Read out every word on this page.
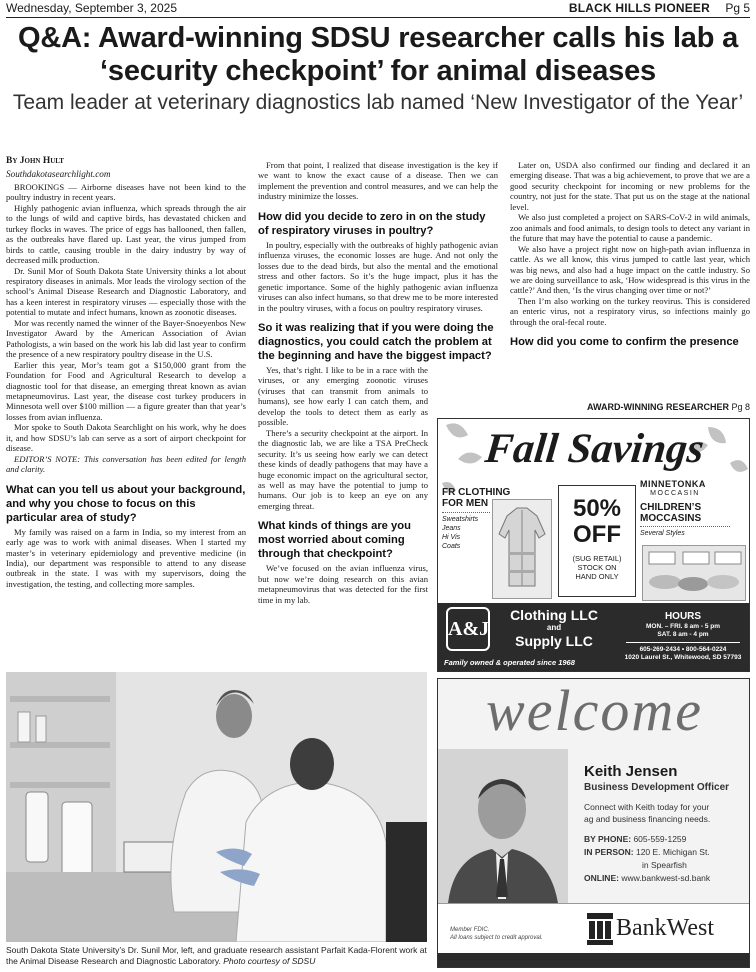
Wednesday, September 3, 2025	BLACK HILLS PIONEER Pg 5
Q&A: Award-winning SDSU researcher calls his lab a ‘security checkpoint’ for animal diseases
Team leader at veterinary diagnostics lab named ‘New Investigator of the Year’
By John Hult
Southdakotasearchlight.com

BROOKINGS — Airborne diseases have not been kind to the poultry industry in recent years.

Highly pathogenic avian influenza, which spreads through the air to the lungs of wild and captive birds, has devastated chicken and turkey flocks in waves. The price of eggs has ballooned, then fallen, as the outbreaks have flared up. Last year, the virus jumped from birds to cattle, causing trouble in the dairy industry by way of decreased milk production.

Dr. Sunil Mor of South Dakota State University thinks a lot about respiratory diseases in animals. Mor leads the virology section of the school’s Animal Disease Research and Diagnostic Laboratory, and has a keen interest in respiratory viruses — especially those with the potential to mutate and infect humans, known as zoonotic diseases.

Mor was recently named the winner of the Bayer-Snoeyenbos New Investigator Award by the American Association of Avian Pathologists, a win based on the work his lab did last year to confirm the presence of a new respiratory poultry disease in the U.S.

Earlier this year, Mor’s team got a $150,000 grant from the Foundation for Food and Agricultural Research to develop a diagnostic tool for that disease, an emerging threat known as avian metapneumovirus. Last year, the disease cost turkey producers in Minnesota well over $100 million — a figure greater than that year’s losses from avian influenza.

Mor spoke to South Dakota Searchlight on his work, why he does it, and how SDSU’s lab can serve as a sort of airport checkpoint for disease.

EDITOR’S NOTE: This conversation has been edited for length and clarity.

What can you tell us about your background, and why you chose to focus on this particular area of study?

My family was raised on a farm in India, so my interest from an early age was to work with animal diseases. When I started my master’s in veterinary epidemiology and preventive medicine (in India), our department was responsible to attend to any disease outbreak in the state. I was with my supervisors, doing the investigation, the testing, and collecting more samples.

From that point, I realized that disease investigation is the key if we want to know the exact cause of a disease. Then we can implement the prevention and control measures, and we can help the industry minimize the losses.

How did you decide to zero in on the study of respiratory viruses in poultry?

In poultry, especially with the outbreaks of highly pathogenic avian influenza viruses, the economic losses are huge. And not only the losses due to the dead birds, but also the mental and the emotional stress and other factors. So it’s the huge impact, plus it has the genetic importance. Some of the highly pathogenic avian influenza viruses can also infect humans, so that drew me to be more interested in the poultry viruses, with a focus on poultry respiratory viruses.

So it was realizing that if you were doing the diagnostics, you could catch the problem at the beginning and have the biggest impact?

Yes, that’s right. I like to be in a race with the viruses, or any emerging zoonotic viruses (viruses that can transmit from animals to humans), see how early I can catch them, and develop the tools to detect them as early as possible.

There’s a security checkpoint at the airport. In the diagnostic lab, we are like a TSA PreCheck security. It’s us seeing how early we can detect these kinds of deadly pathogens that may have a huge economic impact on the agricultural sector, as well as may have the potential to jump to humans. Our job is to keep an eye on any emerging threat.

What kinds of things are you most worried about coming through that checkpoint?

We’ve focused on the avian influenza virus, but now we’re doing research on this avian metapneumovirus that was detected for the first time in my lab.

Later on, USDA also confirmed our finding and declared it an emerging disease. That was a big achievement, to prove that we are a good security checkpoint for incoming or new problems for the country, not just for the state. That put us on the stage at the national level.

We also just completed a project on SARS-CoV-2 in wild animals, zoo animals and food animals, to design tools to detect any variant in the future that may have the potential to cause a pandemic.

We also have a project right now on high-path avian influenza in cattle. As we all know, this virus jumped to cattle last year, which was big news, and also had a huge impact on the cattle industry. So we are doing surveillance to ask, ‘How widespread is this virus in the cattle?’ And then, ‘Is the virus changing over time or not?’

Then I’m also working on the turkey reovirus. This is considered an enteric virus, not a respiratory virus, so infections mainly go through the oral-fecal route.

How did you come to confirm the presence
AWARD-WINNING RESEARCHER Pg 8
Fall Savings
FR CLOTHING
FOR MEN
Sweatshirts
Jeans
Hi Vis
Coats
50%
OFF
(SUG RETAIL)
STOCK ON
HAND ONLY
MINNETONKA
MOCCASIN
CHILDREN’S
MOCCASINS
Several Styles
A&J
Clothing LLC
and
Supply LLC
Family owned & operated since 1968
HOURS
MON. – FRI. 8 am - 5 pm
SAT. 8 am - 4 pm
605-269-2434 • 800-564-0224
1020 Laurel St., Whitewood, SD 57793
welcome
Keith Jensen
Business Development Officer
Connect with Keith today for your
ag and business financing needs.
BY PHONE: 605-559-1259
IN PERSON: 120 E. Michigan St.
in Spearfish
ONLINE: www.bankwest-sd.bank
Member FDIC.
All loans subject to credit approval.	BankWest
South Dakota State University’s Dr. Sunil Mor, left, and graduate research assistant Parfait Kada-Florent work at the Animal Disease Research and Diagnostic Laboratory. Photo courtesy of SDSU
